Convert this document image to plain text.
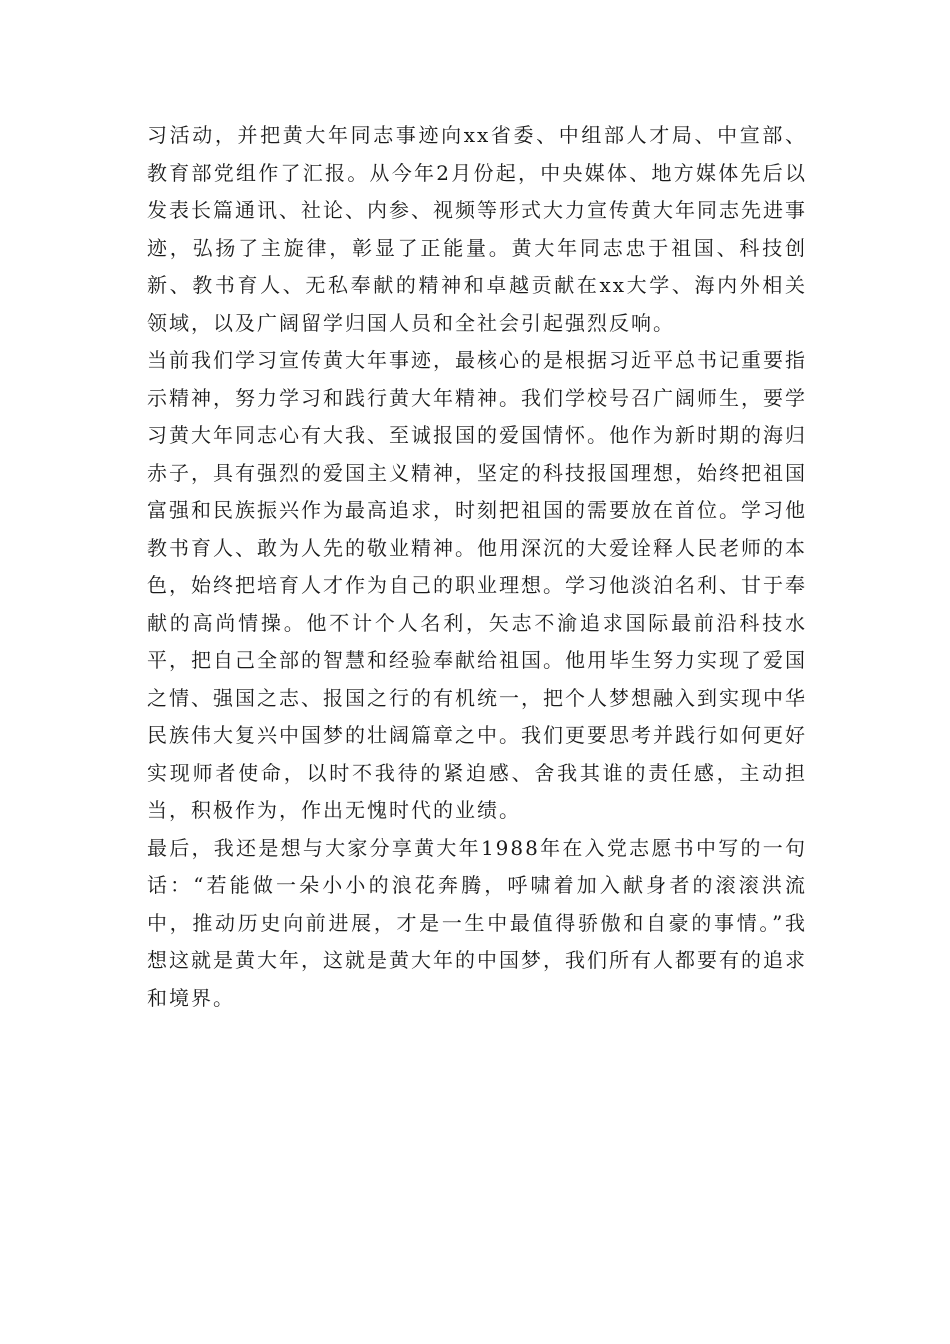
习活动，并把黄大年同志事迹向xx省委、中组部人才局、中宣部、教育部党组作了汇报。从今年2月份起，中央媒体、地方媒体先后以发表长篇通讯、社论、内参、视频等形式大力宣传黄大年同志先进事迹，弘扬了主旋律，彰显了正能量。黄大年同志忠于祖国、科技创新、教书育人、无私奉献的精神和卓越贡献在xx大学、海内外相关领域，以及广阔留学归国人员和全社会引起强烈反响。

当前我们学习宣传黄大年事迹，最核心的是根据习近平总书记重要指示精神，努力学习和践行黄大年精神。我们学校号召广阔师生，要学习黄大年同志心有大我、至诚报国的爱国情怀。他作为新时期的海归赤子，具有强烈的爱国主义精神，坚定的科技报国理想，始终把祖国富强和民族振兴作为最高追求，时刻把祖国的需要放在首位。学习他教书育人、敢为人先的敬业精神。他用深沉的大爱诠释人民老师的本色，始终把培育人才作为自己的职业理想。学习他淡泊名利、甘于奉献的高尚情操。他不计个人名利，矢志不渝追求国际最前沿科技水平，把自己全部的智慧和经验奉献给祖国。他用毕生努力实现了爱国之情、强国之志、报国之行的有机统一，把个人梦想融入到实现中华民族伟大复兴中国梦的壮阔篇章之中。我们更要思考并践行如何更好实现师者使命，以时不我待的紧迫感、舍我其谁的责任感，主动担当，积极作为，作出无愧时代的业绩。

最后，我还是想与大家分享黄大年1988年在入党志愿书中写的一句话：“若能做一朵小小的浪花奔腾，呼啸着加入献身者的滚滚洪流中，推动历史向前进展，才是一生中最值得骄傲和自豪的事情。”我想这就是黄大年，这就是黄大年的中国梦，我们所有人都要有的追求和境界。
